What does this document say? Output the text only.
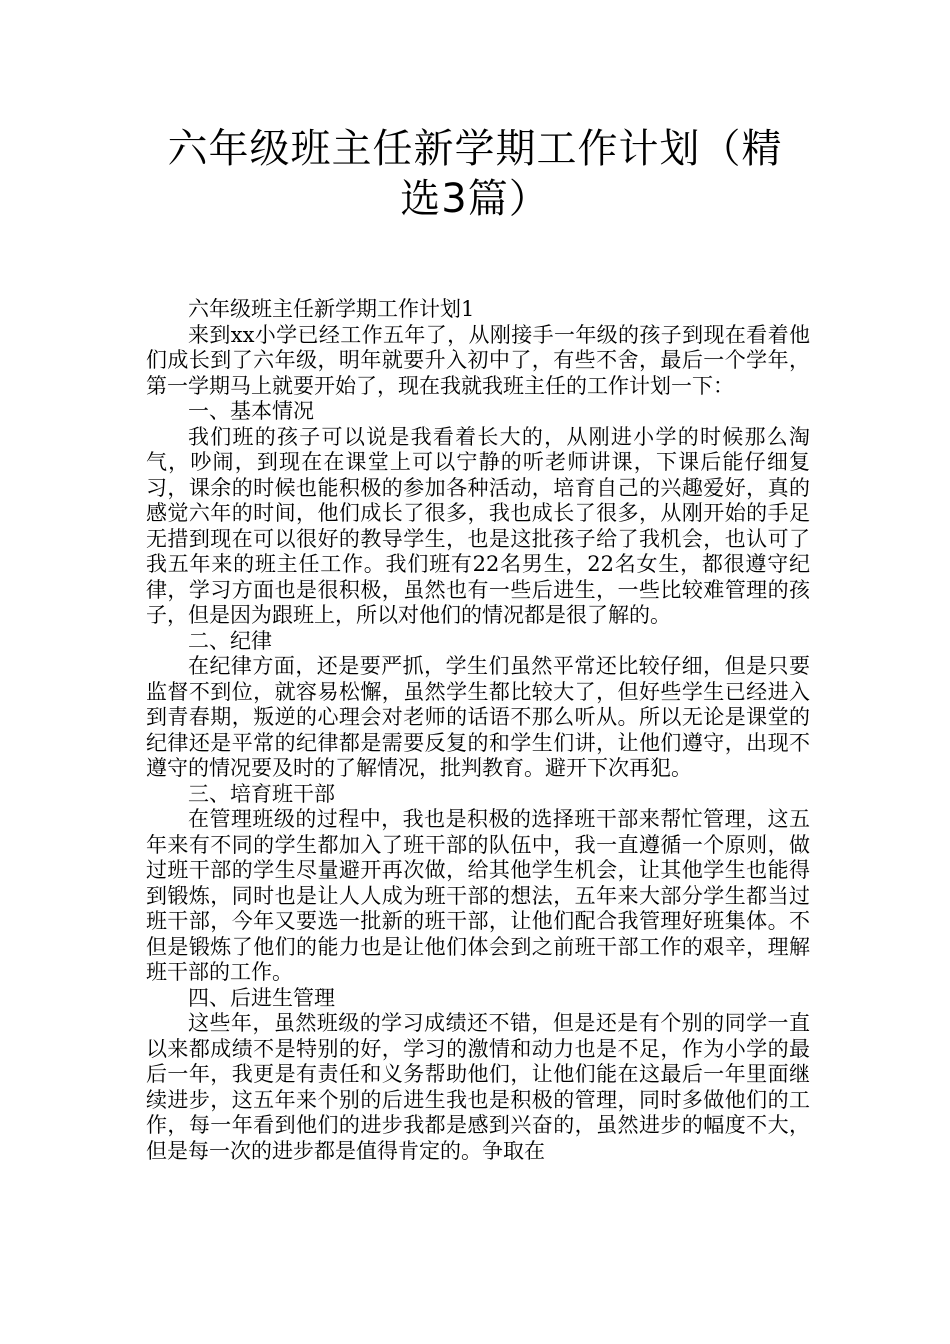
六年级班主任新学期工作计划（精选3篇）

六年级班主任新学期工作计划1

来到xx小学已经工作五年了，从刚接手一年级的孩子到现在看着他们成长到了六年级，明年就要升入初中了，有些不舍，最后一个学年，第一学期马上就要开始了，现在我就我班主任的工作计划一下：

一、基本情况

我们班的孩子可以说是我看着长大的，从刚进小学的时候那么淘气，吵闹，到现在在课堂上可以宁静的听老师讲课，下课后能仔细复习，课余的时候也能积极的参加各种活动，培育自己的兴趣爱好，真的感觉六年的时间，他们成长了很多，我也成长了很多，从刚开始的手足无措到现在可以很好的教导学生，也是这批孩子给了我机会，也认可了我五年来的班主任工作。我们班有22名男生，22名女生，都很遵守纪律，学习方面也是很积极，虽然也有一些后进生，一些比较难管理的孩子，但是因为跟班上，所以对他们的情况都是很了解的。

二、纪律

在纪律方面，还是要严抓，学生们虽然平常还比较仔细，但是只要监督不到位，就容易松懈，虽然学生都比较大了，但好些学生已经进入到青春期，叛逆的心理会对老师的话语不那么听从。所以无论是课堂的纪律还是平常的纪律都是需要反复的和学生们讲，让他们遵守，出现不遵守的情况要及时的了解情况，批判教育。避开下次再犯。

三、培育班干部

在管理班级的过程中，我也是积极的选择班干部来帮忙管理，这五年来有不同的学生都加入了班干部的队伍中，我一直遵循一个原则，做过班干部的学生尽量避开再次做，给其他学生机会，让其他学生也能得到锻炼，同时也是让人人成为班干部的想法，五年来大部分学生都当过班干部，今年又要选一批新的班干部，让他们配合我管理好班集体。不但是锻炼了他们的能力也是让他们体会到之前班干部工作的艰辛，理解班干部的工作。

四、后进生管理

这些年，虽然班级的学习成绩还不错，但是还是有个别的同学一直以来都成绩不是特别的好，学习的激情和动力也是不足，作为小学的最后一年，我更是有责任和义务帮助他们，让他们能在这最后一年里面继续进步，这五年来个别的后进生我也是积极的管理，同时多做他们的工作，每一年看到他们的进步我都是感到兴奋的，虽然进步的幅度不大，但是每一次的进步都是值得肯定的。争取在
